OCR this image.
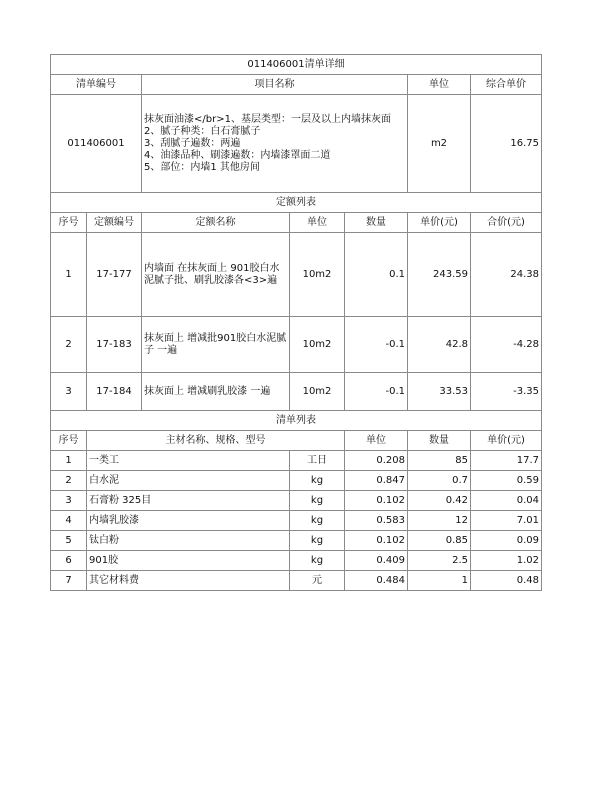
011406001清单详细							
清单编号		项目名称			单位	综合单价	
011406001		抹灰面油漆</br>1、基层类型：一层及以上内墙抹灰面
2、腻子种类：白石膏腻子
3、刮腻子遍数：两遍
4、油漆品种、刷漆遍数：内墙漆罩面二道
5、部位：内墙1 其他房间			m2	16.75	
定额列表							
序号	定额编号	定额名称	单位	数量	单价(元)	合价(元)	
1	17-177	内墙面 在抹灰面上 901胶白水泥腻子批、刷乳胶漆各<3>遍	10m2	0.1	243.59	24.38	
2	17-183	抹灰面上 增减批901胶白水泥腻子 一遍	10m2	-0.1	42.8	-4.28	
3	17-184	抹灰面上 增减刷乳胶漆 一遍	10m2	-0.1	33.53	-3.35	
清单列表							
序号	主材名称、规格、型号			单位	数量	单价(元)	
1	一类工		工日	0.208	85	17.7	
2	白水泥		kg	0.847	0.7	0.59	
3	石膏粉 325目		kg	0.102	0.42	0.04	
4	内墙乳胶漆		kg	0.583	12	7.01	
5	钛白粉		kg	0.102	0.85	0.09	
6	901胶		kg	0.409	2.5	1.02	
7	其它材料费		元	0.484	1	0.48	
